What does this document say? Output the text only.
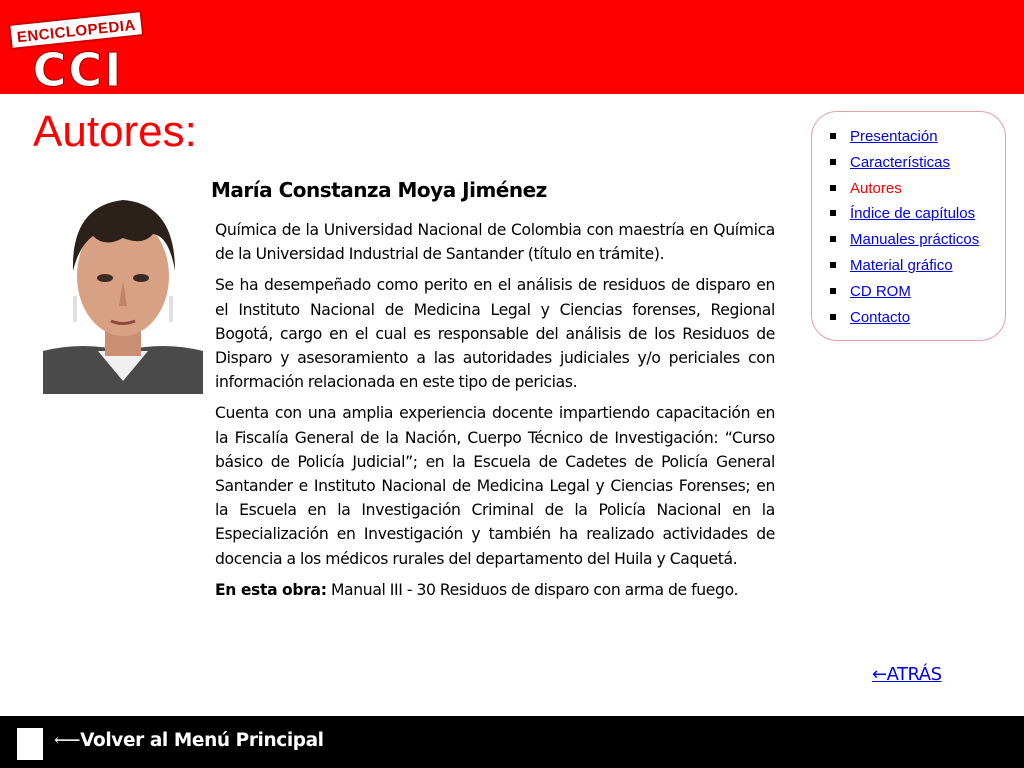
ENCICLOPEDIA
CCI
Autores:
María Constanza Moya Jiménez

Química de la Universidad Nacional de Colombia con maestría en Química de la Universidad Industrial de Santander (título en trámite).

Se ha desempeñado como perito en el análisis de residuos de disparo en el Instituto Nacional de Medicina Legal y Ciencias forenses, Regional Bogotá, cargo en el cual es responsable del análisis de los Residuos de Disparo y asesoramiento a las autoridades judiciales y/o periciales con información relacionada en este tipo de pericias.

Cuenta con una amplia experiencia docente impartiendo capacitación en la Fiscalía General de la Nación, Cuerpo Técnico de Investigación: “Curso básico de Policía Judicial”; en la Escuela de Cadetes de Policía General Santander e Instituto Nacional de Medicina Legal y Ciencias Forenses; en la Escuela en la Investigación Criminal de la Policía Nacional en la Especialización en Investigación y también ha realizado actividades de docencia a los médicos rurales del departamento del Huila y Caquetá.

En esta obra: Manual III - 30 Residuos de disparo con arma de fuego.

Presentación
Características
Autores
Índice de capítulos
Manuales prácticos
Material gráfico
CD ROM
Contacto
←ATRÁS
⟵Volver al Menú Principal
